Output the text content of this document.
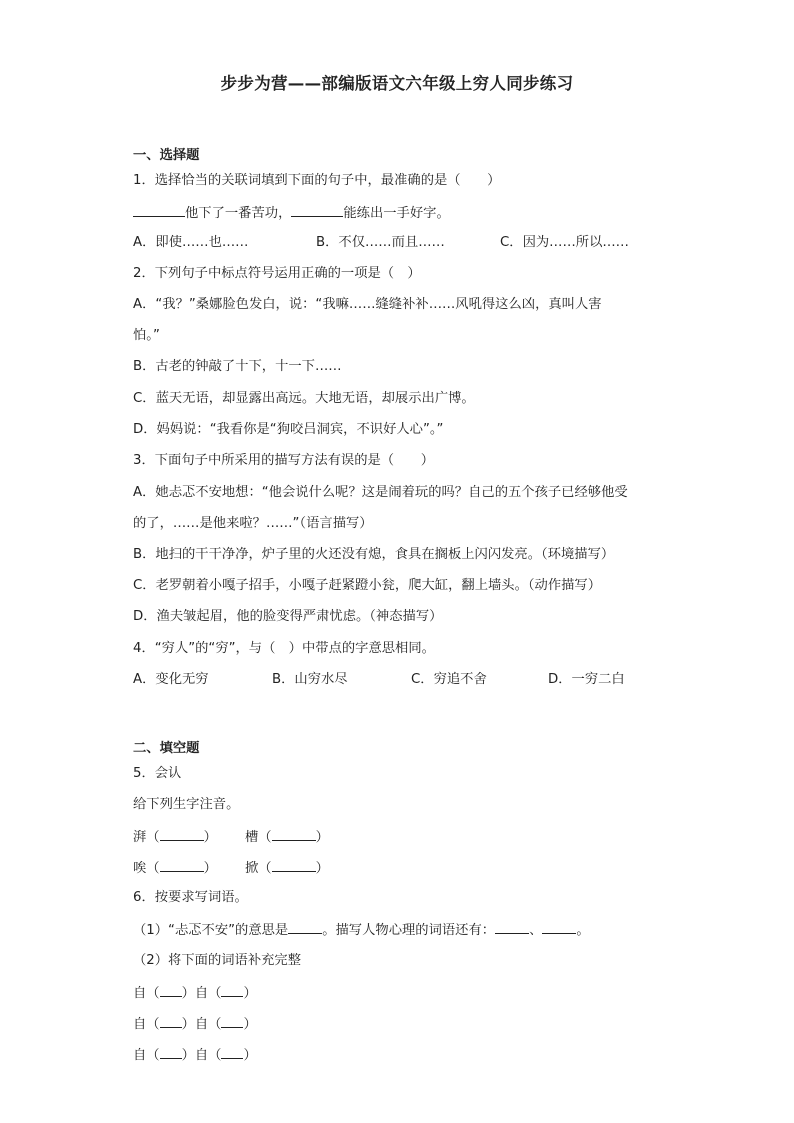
步步为营——部编版语文六年级上穷人同步练习
一、选择题
1．选择恰当的关联词填到下面的句子中，最准确的是（　　）
他下了一番苦功，	能练出一手好字。
A．即使……也……	B．不仅……而且……	C．因为……所以……
2．下列句子中标点符号运用正确的一项是（　）
A．“我？”桑娜脸色发白，说：“我嘛……缝缝补补……风吼得这么凶，真叫人害
怕。”
B．古老的钟敲了十下，十一下……
C．蓝天无语，却显露出高远。大地无语，却展示出广博。
D．妈妈说：“我看你是“狗咬吕洞宾，不识好人心”。”
3．下面句子中所采用的描写方法有误的是（　　）
A．她忐忑不安地想：“他会说什么呢？这是闹着玩的吗？自己的五个孩子已经够他受
的了，……是他来啦？……”（语言描写）
B．地扫的干干净净，炉子里的火还没有熄，食具在搁板上闪闪发亮。（环境描写）
C．老罗朝着小嘎子招手，小嘎子赶紧蹬小瓮，爬大缸，翻上墙头。（动作描写）
D．渔夫皱起眉，他的脸变得严肃忧虑。（神态描写）
4．“穷人”的“穷”，与（　）中带点的字意思相同。
A．变化无穷	B．山穷水尽	C．穷追不舍	D．一穷二白
二、填空题
5．会认
给下列生字注音。
湃（	） 槽（	）
唉（	） 掀（	）
6．按要求写词语。
（1）“忐忑不安”的意思是	。描写人物心理的词语还有：	、	。
（2）将下面的词语补充完整
自（ ）自（ ）
自（ ）自（ ）
自（ ）自（ ）
